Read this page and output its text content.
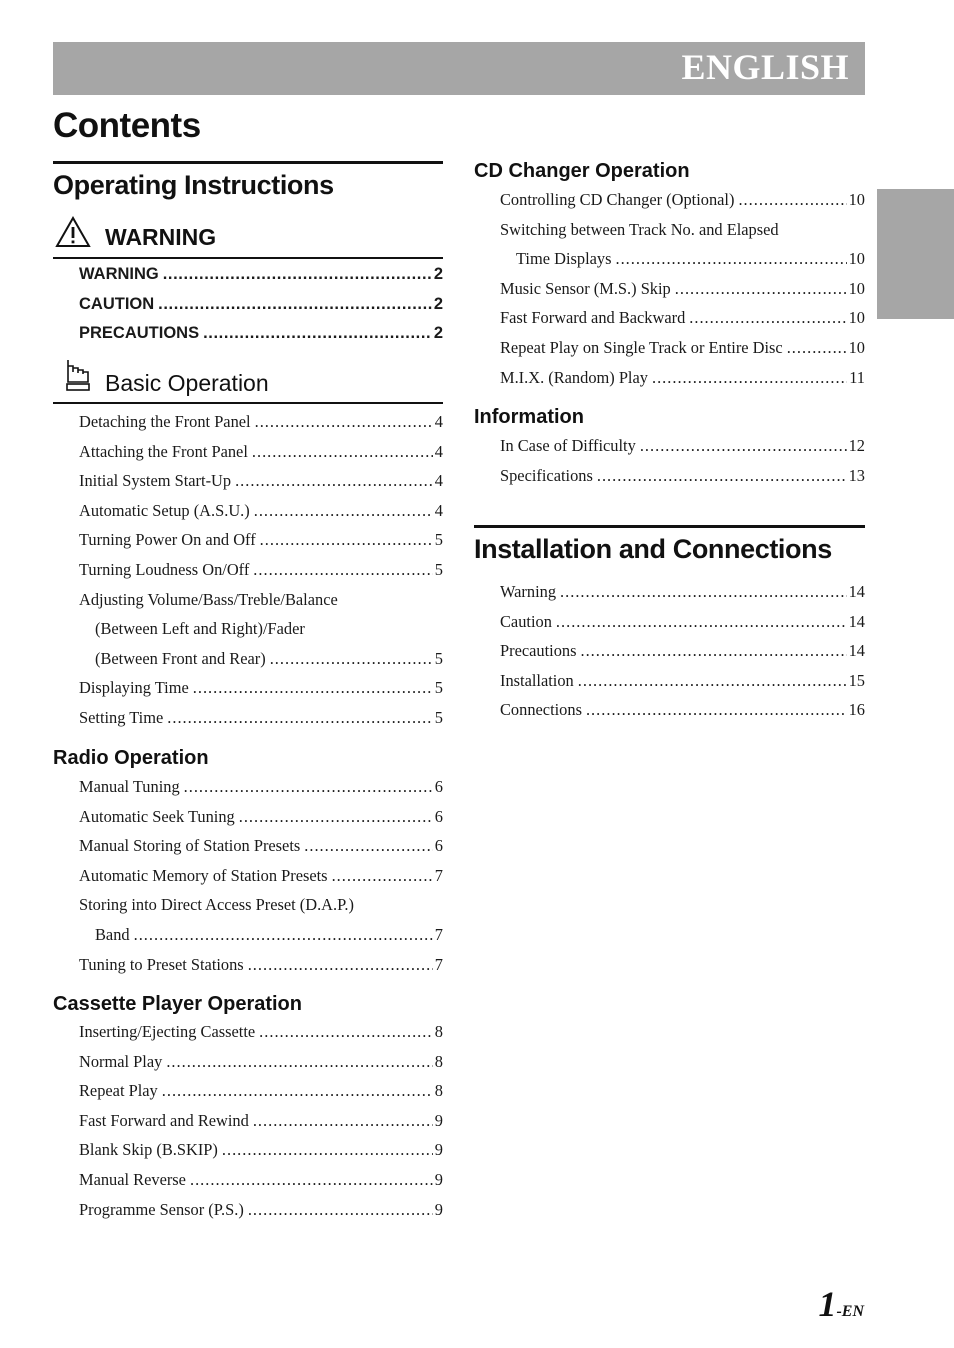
ENGLISH
Contents
Operating Instructions
WARNING
WARNING .....	2
CAUTION .....	2
PRECAUTIONS .....	2
Basic Operation
Detaching the Front Panel .....	4
Attaching the Front Panel .....	4
Initial System Start-Up .....	4
Automatic Setup (A.S.U.) .....	4
Turning Power On and Off .....	5
Turning Loudness On/Off .....	5
Adjusting Volume/Bass/Treble/Balance
(Between Left and Right)/Fader
(Between Front and Rear) .....	5
Displaying Time .....	5
Setting Time .....	5
Radio Operation
Manual Tuning .....	6
Automatic Seek Tuning .....	6
Manual Storing of Station Presets .....	6
Automatic Memory of Station Presets .....	7
Storing into Direct Access Preset (D.A.P.)
Band .....	7
Tuning to Preset Stations .....	7
Cassette Player Operation
Inserting/Ejecting Cassette .....	8
Normal Play .....	8
Repeat Play .....	8
Fast Forward and Rewind .....	9
Blank Skip (B.SKIP) .....	9
Manual Reverse .....	9
Programme Sensor (P.S.) .....	9
CD Changer Operation
Controlling CD Changer (Optional) .....	10
Switching between Track No. and Elapsed
Time Displays .....	10
Music Sensor (M.S.) Skip .....	10
Fast Forward and Backward .....	10
Repeat Play on Single Track or Entire Disc .....	10
M.I.X. (Random) Play .....	11
Information
In Case of Difficulty .....	12
Specifications .....	13
Installation and Connections
Warning .....	14
Caution .....	14
Precautions .....	14
Installation .....	15
Connections .....	16
1-EN
